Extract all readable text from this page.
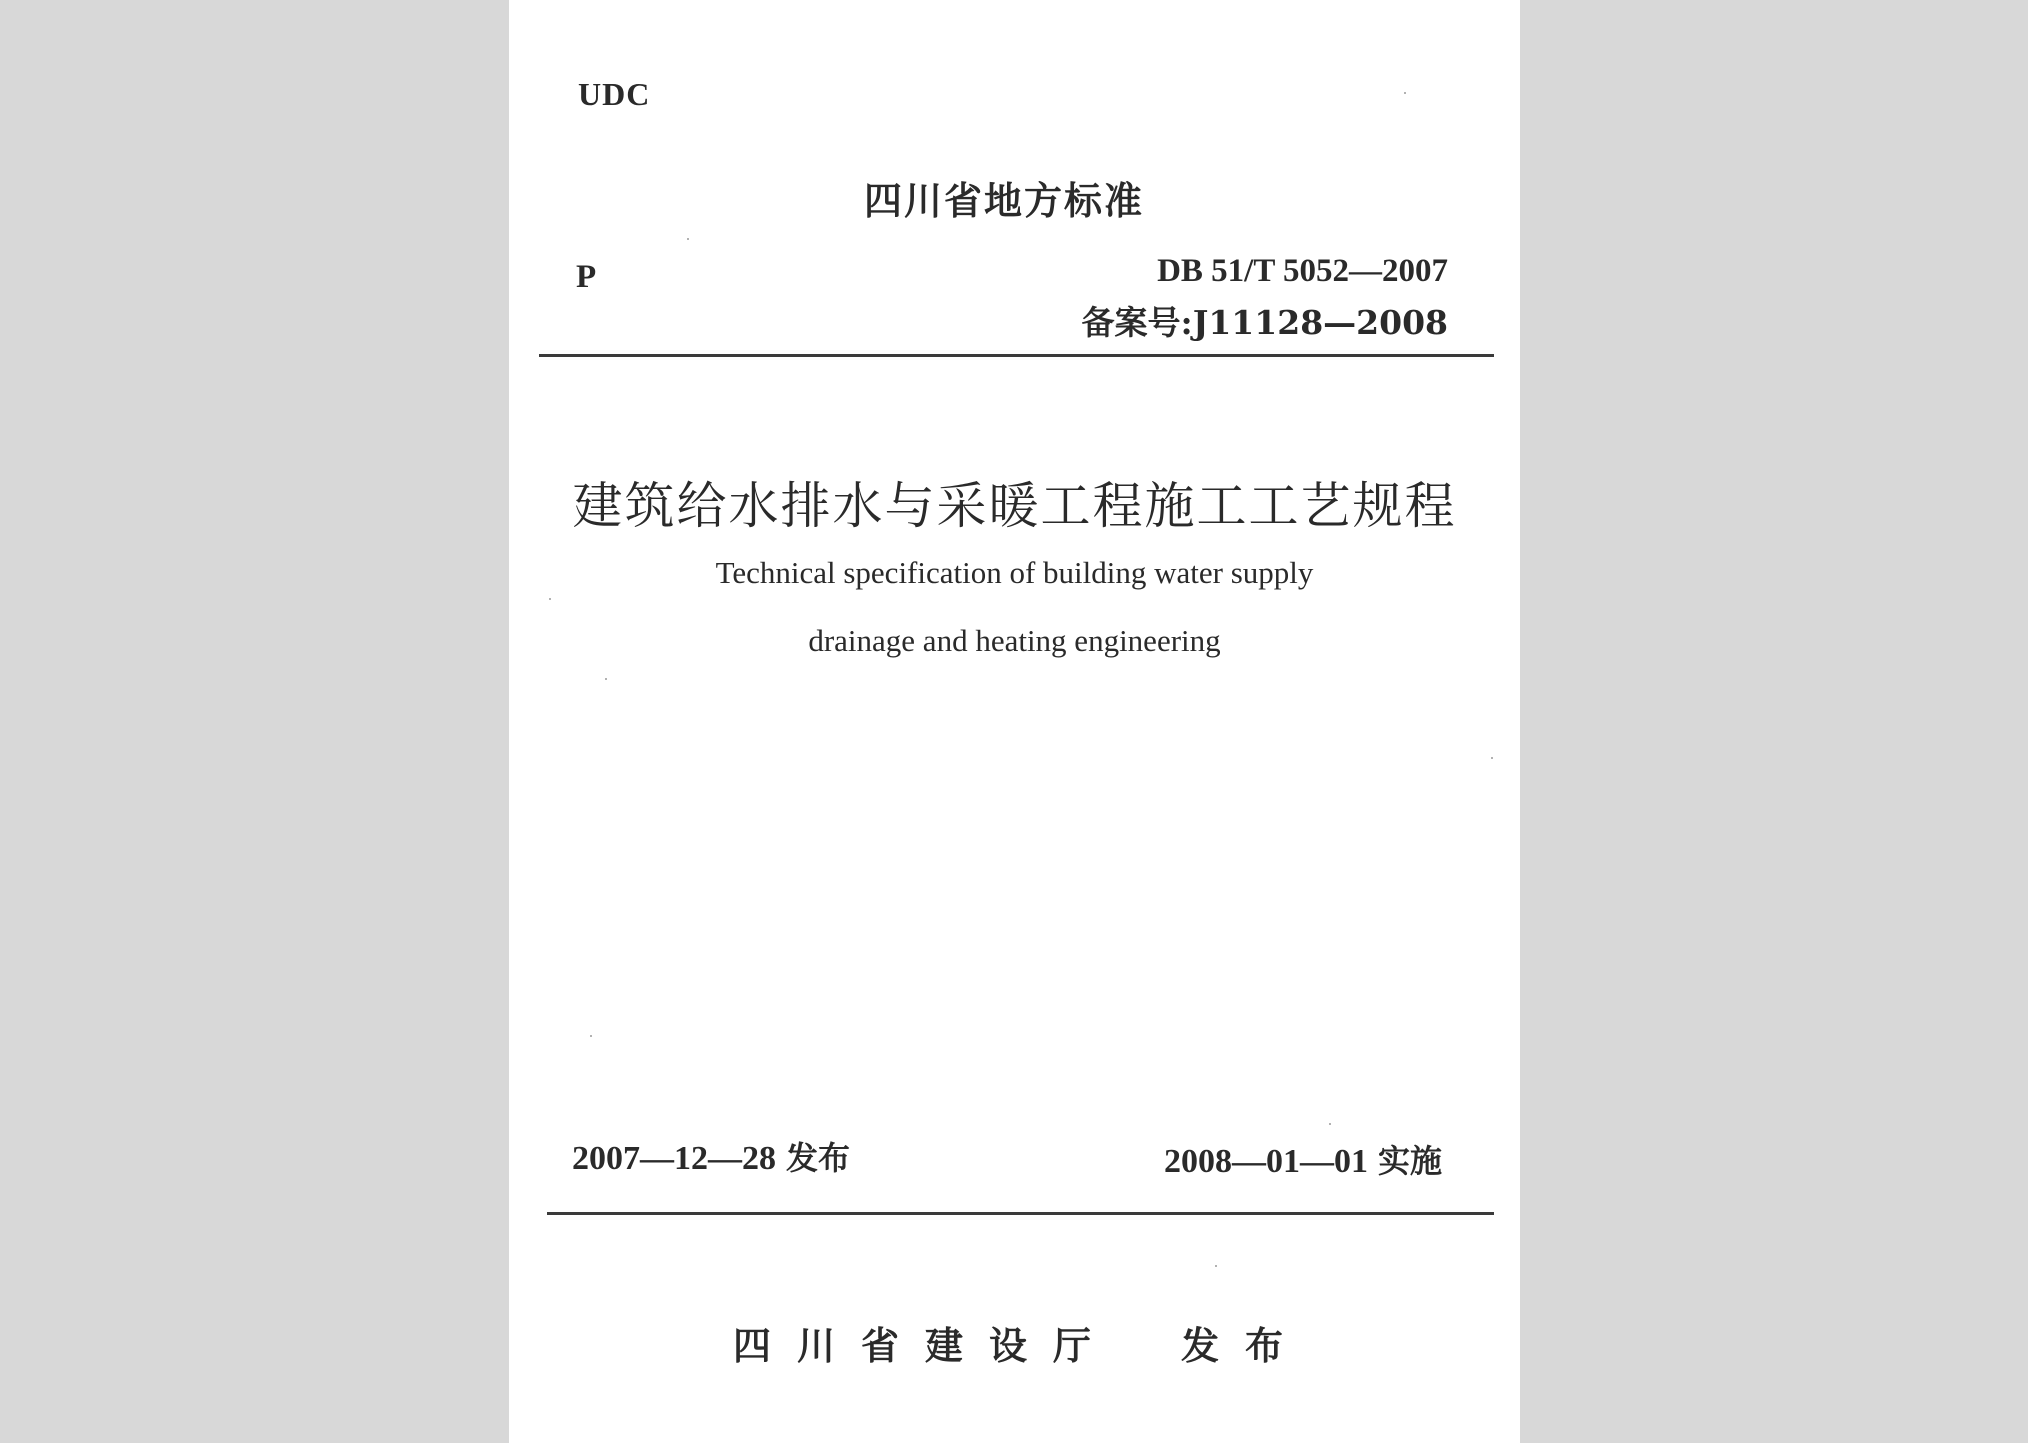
UDC
四川省地方标准
P	DB 51/T 5052—2007
备案号:J11128—2008
建筑给水排水与采暖工程施工工艺规程
Technical specification of building water supply
drainage and heating engineering
2007—12—28 发布	2008—01—01 实施
四川省建设厅 发布
